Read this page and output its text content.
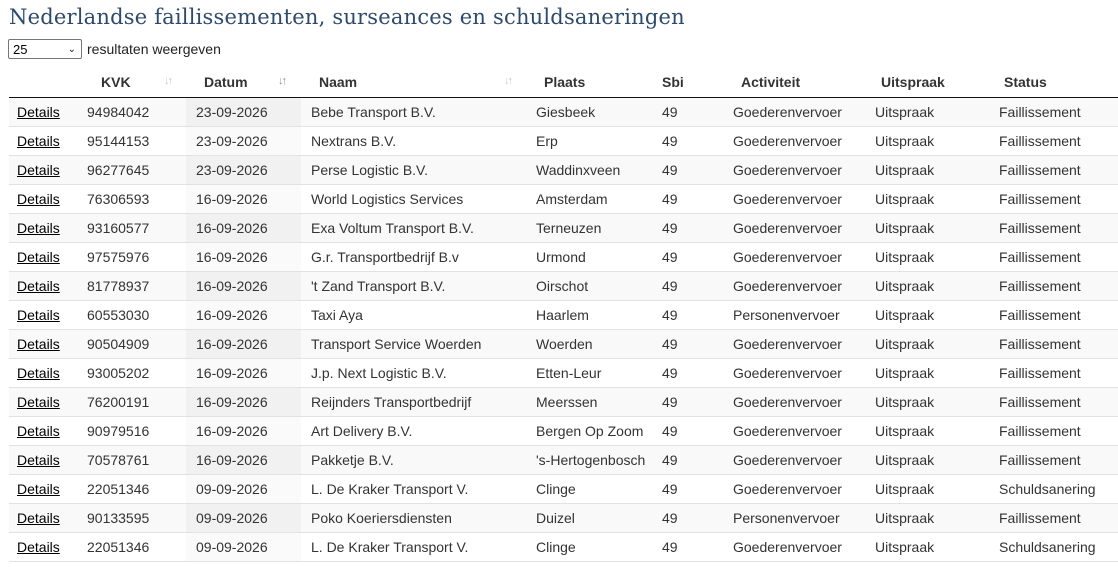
Nederlandse faillissementen, surseances en schuldsaneringen
25	⌄ resultaten weergeven

	KVK ↓↑	Datum ↓↑	Naam ↓↑	Plaats	Sbi	Activiteit	Uitspraak	Status

Details	94984042	23-09-2026	Bebe Transport B.V.	Giesbeek	49	Goederenvervoer	Uitspraak	Faillissement

Details	95144153	23-09-2026	Nextrans B.V.	Erp	49	Goederenvervoer	Uitspraak	Faillissement

Details	96277645	23-09-2026	Perse Logistic B.V.	Waddinxveen	49	Goederenvervoer	Uitspraak	Faillissement

Details	76306593	16-09-2026	World Logistics Services	Amsterdam	49	Goederenvervoer	Uitspraak	Faillissement

Details	93160577	16-09-2026	Exa Voltum Transport B.V.	Terneuzen	49	Goederenvervoer	Uitspraak	Faillissement

Details	97575976	16-09-2026	G.r. Transportbedrijf B.v	Urmond	49	Goederenvervoer	Uitspraak	Faillissement

Details	81778937	16-09-2026	't Zand Transport B.V.	Oirschot	49	Goederenvervoer	Uitspraak	Faillissement

Details	60553030	16-09-2026	Taxi Aya	Haarlem	49	Personenvervoer	Uitspraak	Faillissement

Details	90504909	16-09-2026	Transport Service Woerden	Woerden	49	Goederenvervoer	Uitspraak	Faillissement

Details	93005202	16-09-2026	J.p. Next Logistic B.V.	Etten-Leur	49	Goederenvervoer	Uitspraak	Faillissement

Details	76200191	16-09-2026	Reijnders Transportbedrijf	Meerssen	49	Goederenvervoer	Uitspraak	Faillissement

Details	90979516	16-09-2026	Art Delivery B.V.	Bergen Op Zoom	49	Goederenvervoer	Uitspraak	Faillissement

Details	70578761	16-09-2026	Pakketje B.V.	's-Hertogenbosch	49	Goederenvervoer	Uitspraak	Faillissement

Details	22051346	09-09-2026	L. De Kraker Transport V.	Clinge	49	Goederenvervoer	Uitspraak	Schuldsanering

Details	90133595	09-09-2026	Poko Koeriersdiensten	Duizel	49	Personenvervoer	Uitspraak	Faillissement

Details	22051346	09-09-2026	L. De Kraker Transport V.	Clinge	49	Goederenvervoer	Uitspraak	Schuldsanering
